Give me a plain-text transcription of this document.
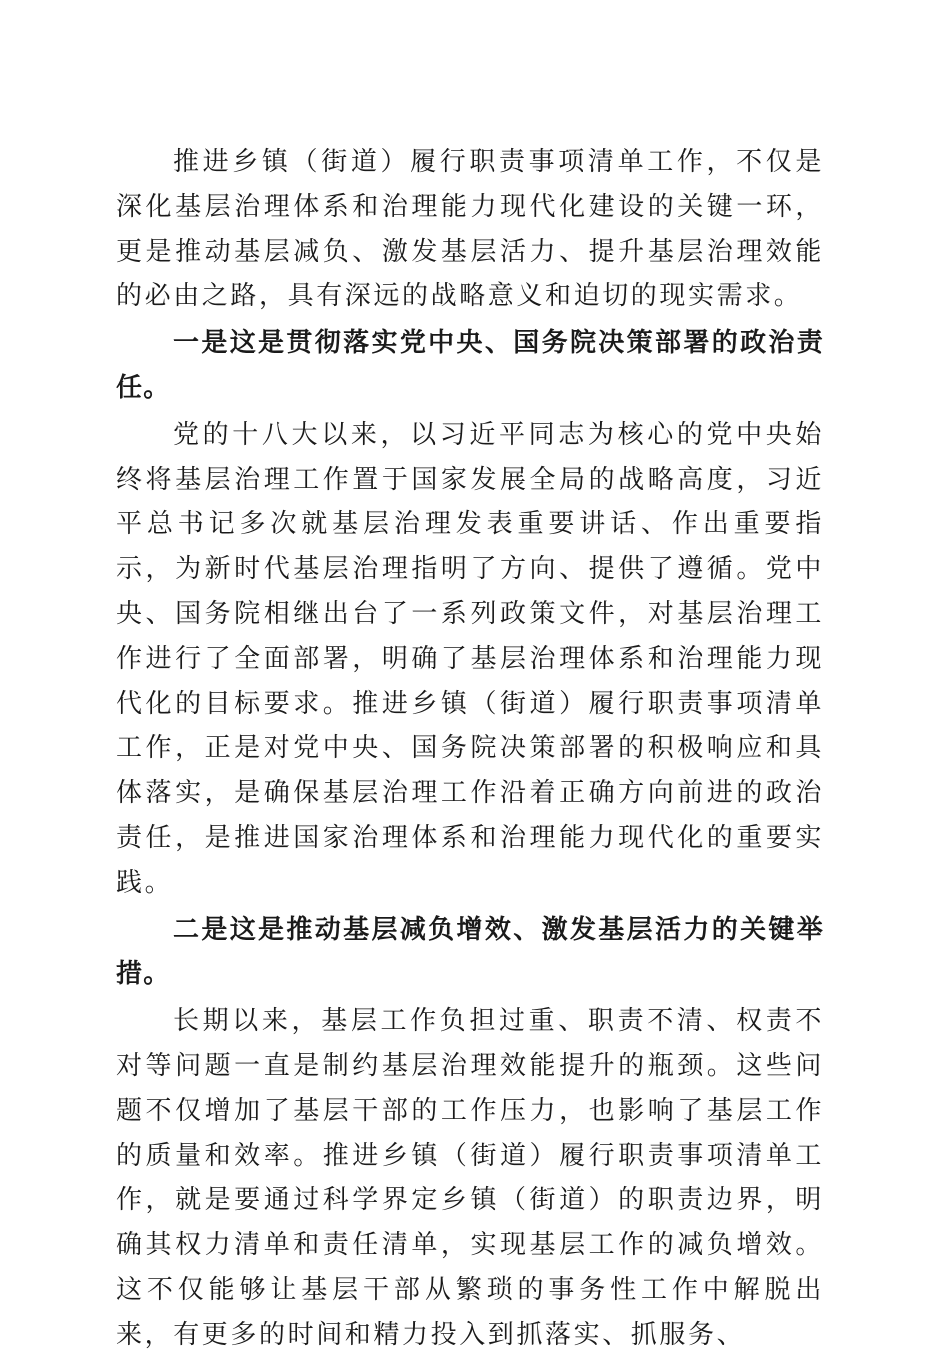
推进乡镇（街道）履行职责事项清单工作，不仅是深化基层治理体系和治理能力现代化建设的关键一环，更是推动基层减负、激发基层活力、提升基层治理效能的必由之路，具有深远的战略意义和迫切的现实需求。

一是这是贯彻落实党中央、国务院决策部署的政治责任。

党的十八大以来，以习近平同志为核心的党中央始终将基层治理工作置于国家发展全局的战略高度，习近平总书记多次就基层治理发表重要讲话、作出重要指示，为新时代基层治理指明了方向、提供了遵循。党中央、国务院相继出台了一系列政策文件，对基层治理工作进行了全面部署，明确了基层治理体系和治理能力现代化的目标要求。推进乡镇（街道）履行职责事项清单工作，正是对党中央、国务院决策部署的积极响应和具体落实，是确保基层治理工作沿着正确方向前进的政治责任，是推进国家治理体系和治理能力现代化的重要实践。

二是这是推动基层减负增效、激发基层活力的关键举措。

长期以来，基层工作负担过重、职责不清、权责不对等问题一直是制约基层治理效能提升的瓶颈。这些问题不仅增加了基层干部的工作压力，也影响了基层工作的质量和效率。推进乡镇（街道）履行职责事项清单工作，就是要通过科学界定乡镇（街道）的职责边界，明确其权力清单和责任清单，实现基层工作的减负增效。这不仅能够让基层干部从繁琐的事务性工作中解脱出来，有更多的时间和精力投入到抓落实、抓服务、
